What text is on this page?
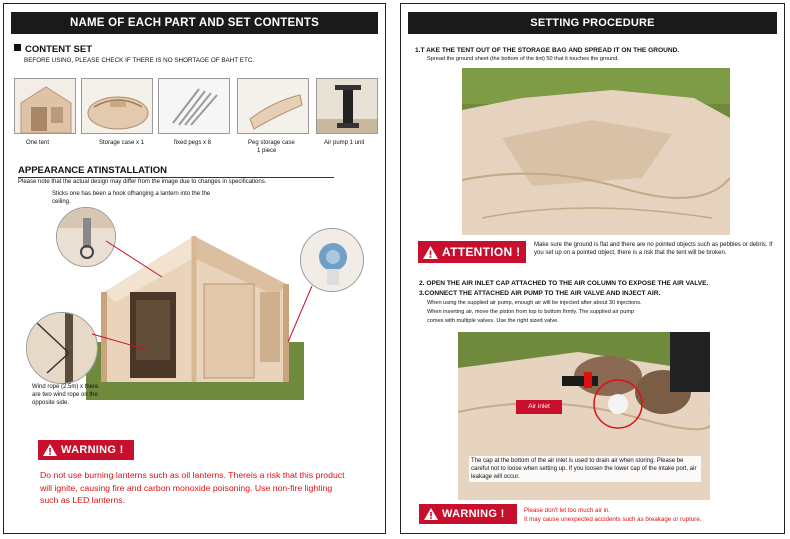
NAME OF EACH PART AND SET CONTENTS
CONTENT SET
BEFORE USING, PLEASE CHECK IF THERE IS NO SHORTAGE OF BAHT ETC.
One tent	Storage case x 1	fixed pegs x 8	Peg storage case
1 piece
Air pump 1 unit
APPEARANCE ATINSTALLATION
Please note that the actual design may differ from the image due to changes in specifications.
Sticks one has been a hook ofhanging a lantern into the the ceiling.
Wind rope (2.5m) x there are two wind rope on the opposite side.
WARNING !
Do not use burning lanterns such as oil lanterns. Thereis a risk that this product will ignite, causing fire and carbon monoxide poisoning. Use non-fire lighting such as LED lanterns.
SETTING PROCEDURE
1.T AKE THE TENT OUT OF THE STORAGE BAG AND SPREAD IT ON THE GROUND.
Spread the ground sheet (the bottom of the tint) 50 that it touches the ground.
ATTENTION ! Make sure the ground is flat and there are no pointed objects such as pebbles or debris. If you set up on a pointed object, there is a risk that the tent will be broken.
2. OPEN THE AIR INLET CAP ATTACHED TO THE AIR COLUMN TO EXPOSE THE AIR VALVE.
3.CONNECT THE ATTACHED AIR PUMP TO THE AIR VALVE AND INJECT AIR.
When using the supplied air pump, enough air will be injected after about 30 injections.
When inserting air, move the piston from top to bottom firmly. The supplied air pump
comes with multiple valves. Use the right sized valve.
Air inlet
The cap at the bottom of the air inlet is used to drain air when storing. Please be careful not to loose when setting up. If you loosen the lower cap of the intake port, air leakage will occur.
WARNING !	Please don't let too much air in.
It may cause unexpected accidents such as breakage or rupture.
